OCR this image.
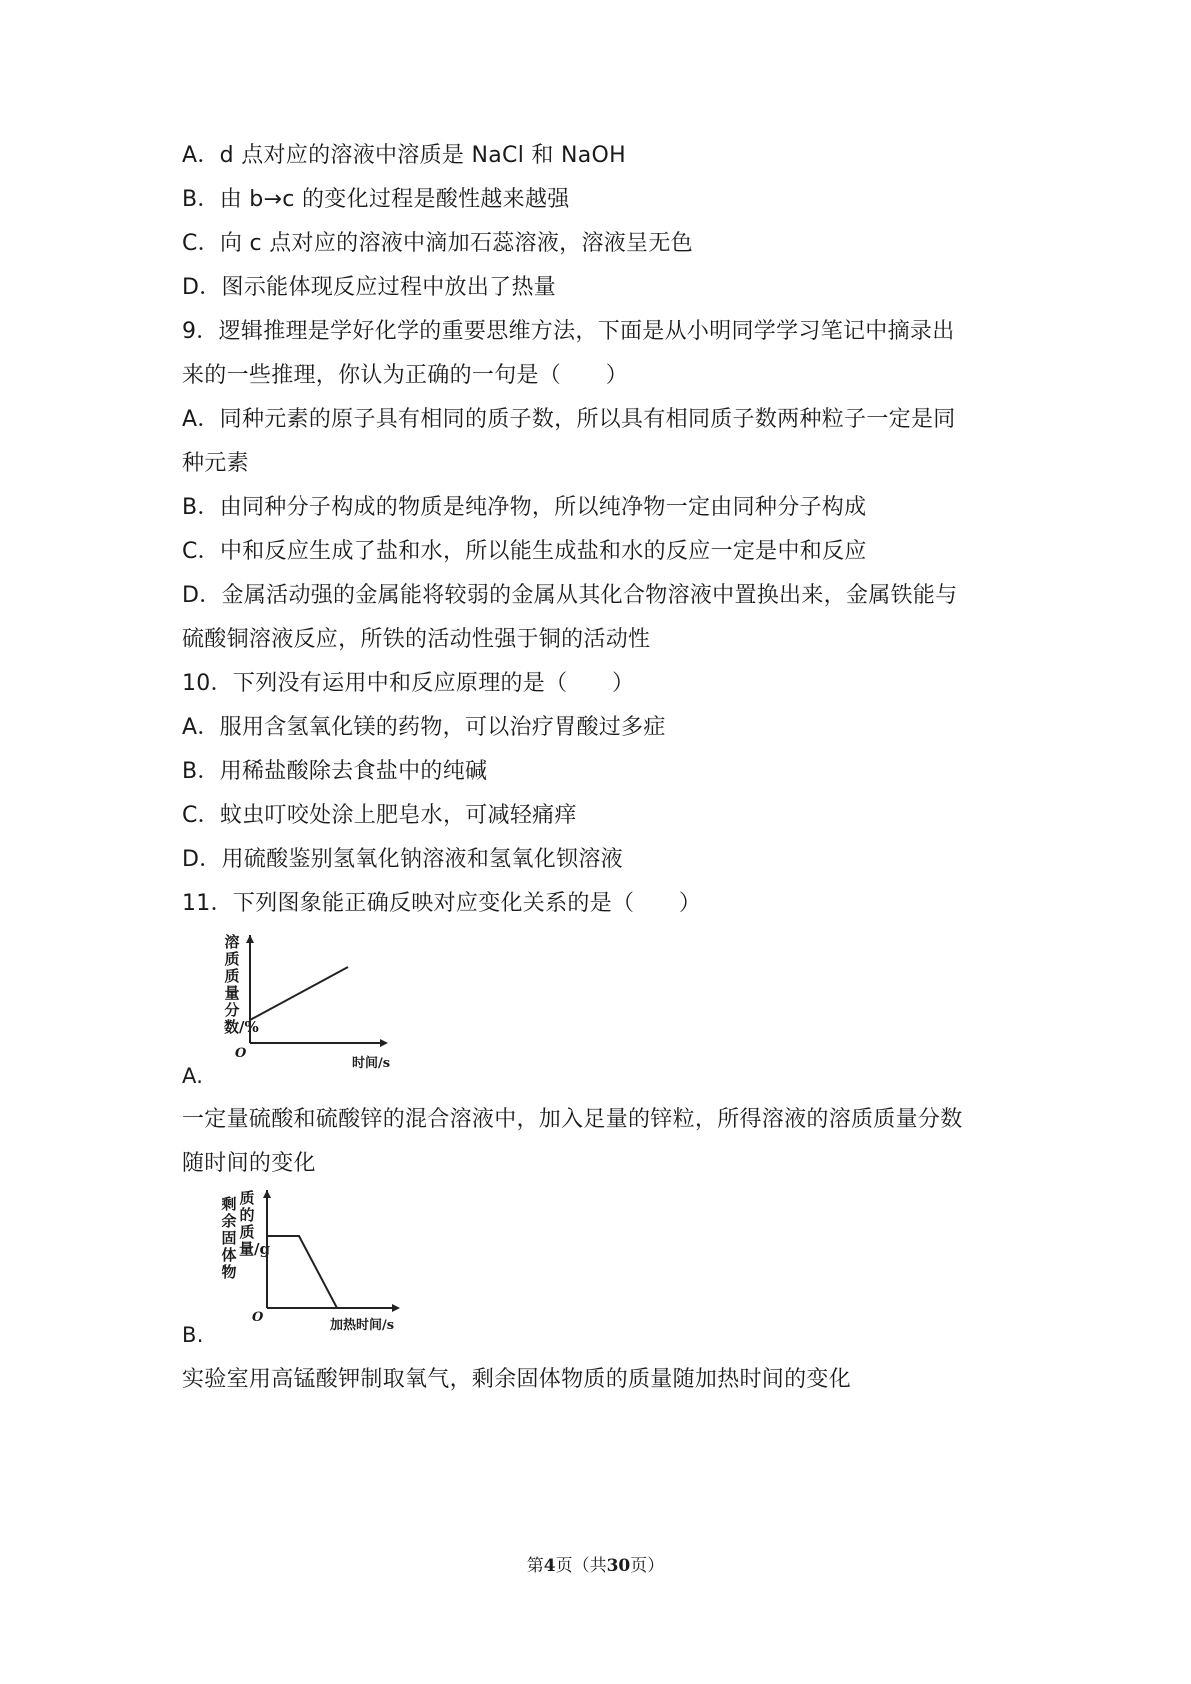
A．d 点对应的溶液中溶质是 NaCl 和 NaOH
B．由 b→c 的变化过程是酸性越来越强
C．向 c 点对应的溶液中滴加石蕊溶液，溶液呈无色
D．图示能体现反应过程中放出了热量
9．逻辑推理是学好化学的重要思维方法，下面是从小明同学学习笔记中摘录出
来的一些推理，你认为正确的一句是（　　）
A．同种元素的原子具有相同的质子数，所以具有相同质子数两种粒子一定是同
种元素
B．由同种分子构成的物质是纯净物，所以纯净物一定由同种分子构成
C．中和反应生成了盐和水，所以能生成盐和水的反应一定是中和反应
D．金属活动强的金属能将较弱的金属从其化合物溶液中置换出来，金属铁能与
硫酸铜溶液反应，所铁的活动性强于铜的活动性
10．下列没有运用中和反应原理的是（　　）
A．服用含氢氧化镁的药物，可以治疗胃酸过多症
B．用稀盐酸除去食盐中的纯碱
C．蚊虫叮咬处涂上肥皂水，可减轻痛痒
D．用硫酸鉴别氢氧化钠溶液和氢氧化钡溶液
11．下列图象能正确反映对应变化关系的是（　　）
溶质质量分数/%
O
时间/s
A.
一定量硫酸和硫酸锌的混合溶液中，加入足量的锌粒，所得溶液的溶质质量分数
随时间的变化
剩余固体物
质的质量/g
O
加热时间/s
B.
实验室用高锰酸钾制取氧气，剩余固体物质的质量随加热时间的变化
第4页（共30页）
